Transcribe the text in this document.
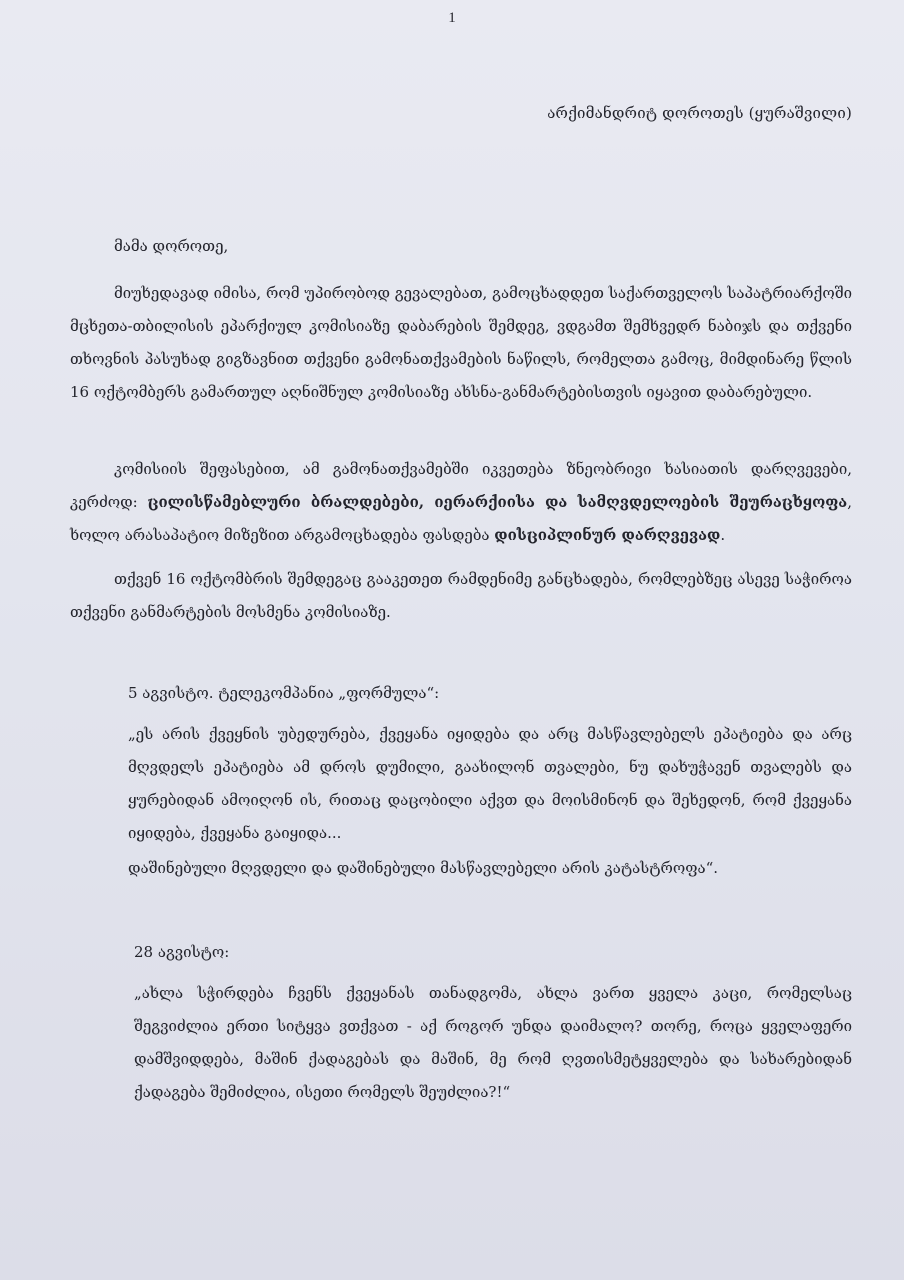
1
არქიმანდრიტ დოროთეს (ყურაშვილი)
მამა დოროთე,
მიუხედავად იმისა, რომ უპირობოდ გევალებათ, გამოცხადდეთ საქართველოს საპატრიარქოში მცხეთა-თბილისის ეპარქიულ კომისიაზე დაბარების შემდეგ, ვდგამთ შემხვედრ ნაბიჯს და თქვენი თხოვნის პასუხად გიგზავნით თქვენი გამონათქვამების ნაწილს, რომელთა გამოც, მიმდინარე წლის 16 ოქტომბერს გამართულ აღნიშნულ კომისიაზე ახსნა-განმარტებისთვის იყავით დაბარებული.
კომისიის შეფასებით, ამ გამონათქვამებში იკვეთება ზნეობრივი ხასიათის დარღვევები, კერძოდ: ცილისწამებლური ბრალდებები, იერარქიისა და სამღვდელოების შეურაცხყოფა, ხოლო არასაპატიო მიზეზით არგამოცხადება ფასდება დისციპლინურ დარღვევად.
თქვენ 16 ოქტომბრის შემდეგაც გააკეთეთ რამდენიმე განცხადება, რომლებზეც ასევე საჭიროა თქვენი განმარტების მოსმენა კომისიაზე.
5 აგვისტო. ტელეკომპანია „ფორმულა“:
„ეს არის ქვეყნის უბედურება, ქვეყანა იყიდება და არც მასწავლებელს ეპატიება და არც მღვდელს ეპატიება ამ დროს დუმილი, გაახილონ თვალები, ნუ დახუჭავენ თვალებს და ყურებიდან ამოიღონ ის, რითაც დაცობილი აქვთ და მოისმინონ და შეხედონ, რომ ქვეყანა იყიდება, ქვეყანა გაიყიდა...
დაშინებული მღვდელი და დაშინებული მასწავლებელი არის კატასტროფა“.
28 აგვისტო:
„ახლა სჭირდება ჩვენს ქვეყანას თანადგომა, ახლა ვართ ყველა კაცი, რომელსაც შეგვიძლია ერთი სიტყვა ვთქვათ - აქ როგორ უნდა დაიმალო? თორე, როცა ყველაფერი დამშვიდდება, მაშინ ქადაგებას და მაშინ, მე რომ ღვთისმეტყველება და სახარებიდან ქადაგება შემიძლია, ისეთი რომელს შეუძლია?!“
